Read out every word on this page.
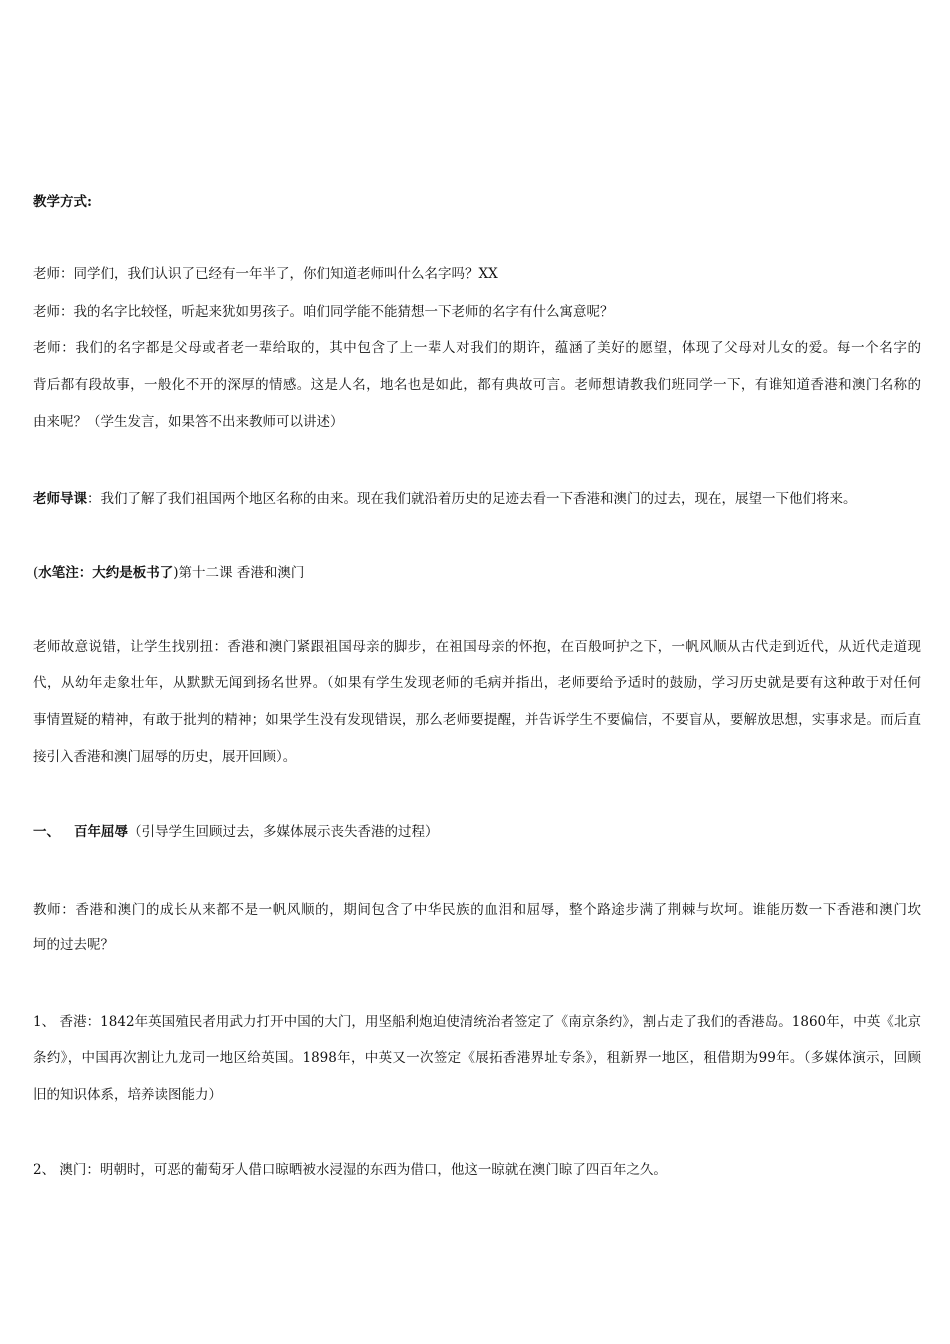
教学方式:
老师：同学们，我们认识了已经有一年半了，你们知道老师叫什么名字吗？XX
老师：我的名字比较怪，听起来犹如男孩子。咱们同学能不能猜想一下老师的名字有什么寓意呢？
老师：我们的名字都是父母或者老一辈给取的，其中包含了上一辈人对我们的期许，蕴涵了美好的愿望，体现了父母对儿女的爱。每一个名字的
背后都有段故事，一般化不开的深厚的情感。这是人名，地名也是如此，都有典故可言。老师想请教我们班同学一下，有谁知道香港和澳门名称的
由来呢？（学生发言，如果答不出来教师可以讲述）
老师导课：我们了解了我们祖国两个地区名称的由来。现在我们就沿着历史的足迹去看一下香港和澳门的过去，现在，展望一下他们将来。
(水笔注：大约是板书了)第十二课 香港和澳门
老师故意说错，让学生找别扭：香港和澳门紧跟祖国母亲的脚步，在祖国母亲的怀抱，在百般呵护之下，一帆风顺从古代走到近代，从近代走道现
代，从幼年走象壮年，从默默无闻到扬名世界。（如果有学生发现老师的毛病并指出，老师要给予适时的鼓励，学习历史就是要有这种敢于对任何
事情置疑的精神，有敢于批判的精神；如果学生没有发现错误，那么老师要提醒，并告诉学生不要偏信，不要盲从，要解放思想，实事求是。而后直
接引入香港和澳门屈辱的历史，展开回顾）。
一、 百年屈辱（引导学生回顾过去，多媒体展示丧失香港的过程）
教师：香港和澳门的成长从来都不是一帆风顺的，期间包含了中华民族的血泪和屈辱，整个路途步满了荆棘与坎坷。谁能历数一下香港和澳门坎
坷的过去呢？
1、 香港：1842年英国殖民者用武力打开中国的大门，用坚船利炮迫使清统治者签定了《南京条约》，割占走了我们的香港岛。1860年，中英《北京
条约》，中国再次割让九龙司一地区给英国。1898年，中英又一次签定《展拓香港界址专条》，租新界一地区，租借期为99年。（多媒体演示，回顾
旧的知识体系，培养读图能力）
2、 澳门：明朝时，可恶的葡萄牙人借口晾晒被水浸湿的东西为借口，他这一晾就在澳门晾了四百年之久。
